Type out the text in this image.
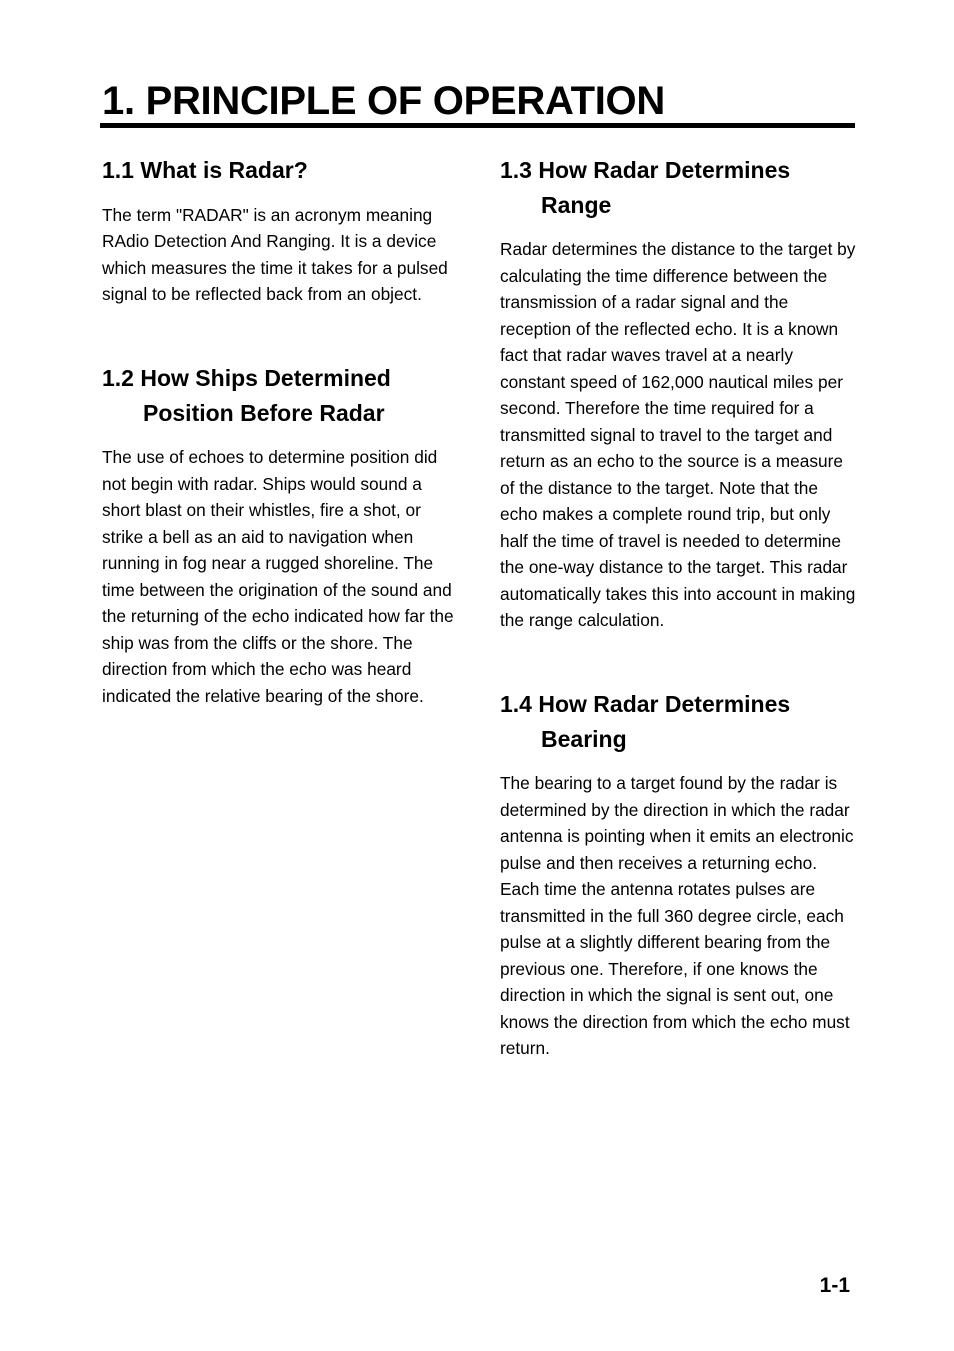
1. PRINCIPLE OF OPERATION
1.1 What is Radar?

The term "RADAR" is an acronym meaning RAdio Detection And Ranging. It is a device which measures the time it takes for a pulsed signal to be reflected back from an object.

1.2 How Ships Determined Position Before Radar

The use of echoes to determine position did not begin with radar. Ships would sound a short blast on their whistles, fire a shot, or strike a bell as an aid to navigation when running in fog near a rugged shoreline. The time between the origination of the sound and the returning of the echo indicated how far the ship was from the cliffs or the shore. The direction from which the echo was heard indicated the relative bearing of the shore.

1.3 How Radar Determines Range

Radar determines the distance to the target by calculating the time difference between the transmission of a radar signal and the reception of the reflected echo. It is a known fact that radar waves travel at a nearly constant speed of 162,000 nautical miles per second. Therefore the time required for a transmitted signal to travel to the target and return as an echo to the source is a measure of the distance to the target. Note that the echo makes a complete round trip, but only half the time of travel is needed to determine the one-way distance to the target. This radar automatically takes this into account in making the range calculation.

1.4 How Radar Determines Bearing

The bearing to a target found by the radar is determined by the direction in which the radar antenna is pointing when it emits an electronic pulse and then receives a returning echo. Each time the antenna rotates pulses are transmitted in the full 360 degree circle, each pulse at a slightly different bearing from the previous one. Therefore, if one knows the direction in which the signal is sent out, one knows the direction from which the echo must return.

1-1
